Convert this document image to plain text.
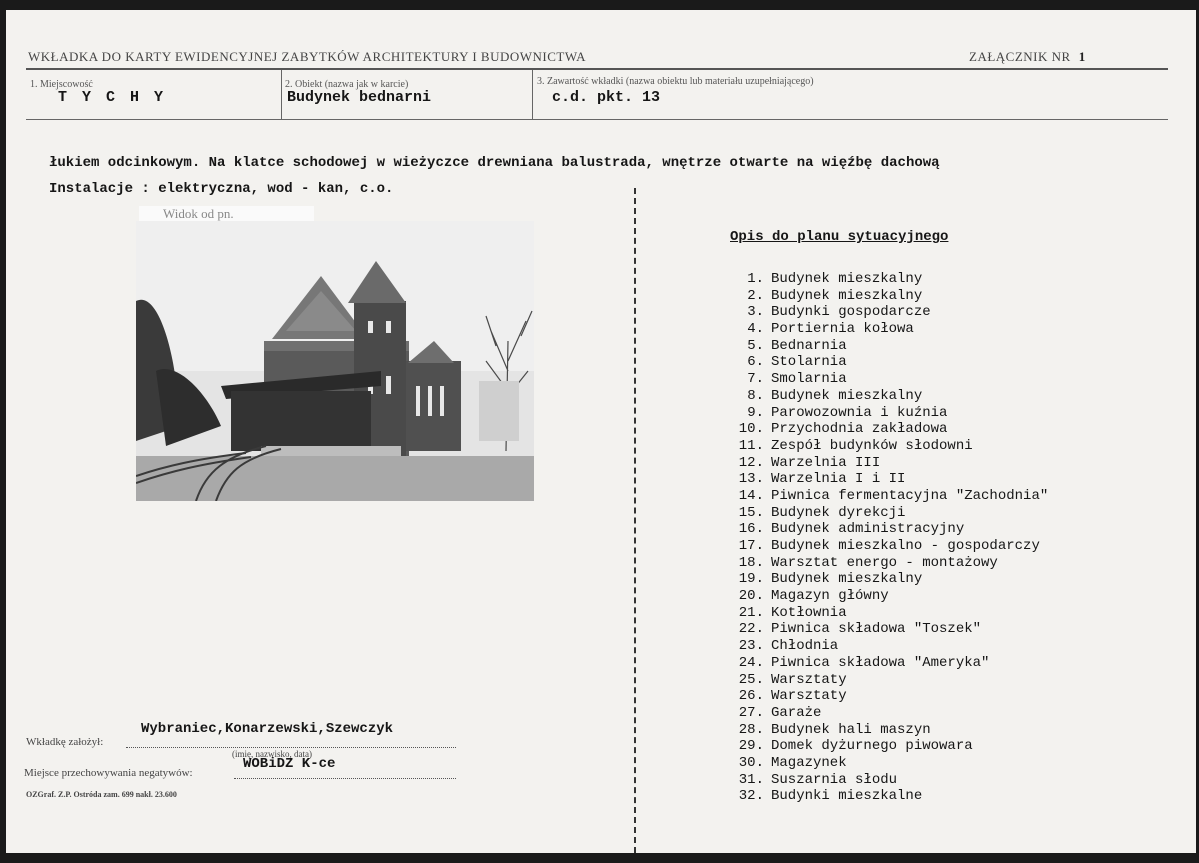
WKŁADKA DO KARTY EWIDENCYJNEJ ZABYTKÓW ARCHITEKTURY I BUDOWNICTWA	ZAŁĄCZNIK NR 1
1. Miejscowość
T Y C H Y
2. Obiekt (nazwa jak w karcie)
Budynek bednarni
3. Zawartość wkładki (nazwa obiektu lub materiału uzupełniającego)
c.d. pkt. 13
łukiem odcinkowym. Na klatce schodowej w wieżyczce drewniana balustrada, wnętrze otwarte na więźbę dachową
Instalacje : elektryczna, wod - kan, c.o.
Widok od pn.
Opis do planu sytuacyjnego
1. Budynek mieszkalny
2. Budynek mieszkalny
3. Budynki gospodarcze
4. Portiernia kołowa
5. Bednarnia
6. Stolarnia
7. Smolarnia
8. Budynek mieszkalny
9. Parowozownia i kuźnia
10. Przychodnia zakładowa
11. Zespół budynków słodowni
12. Warzelnia III
13. Warzelnia I i II
14. Piwnica fermentacyjna "Zachodnia"
15. Budynek dyrekcji
16. Budynek administracyjny
17. Budynek mieszkalno - gospodarczy
18. Warsztat energo - montażowy
19. Budynek mieszkalny
20. Magazyn główny
21. Kotłownia
22. Piwnica składowa "Toszek"
23. Chłodnia
24. Piwnica składowa "Ameryka"
25. Warsztaty
26. Warsztaty
27. Garaże
28. Budynek hali maszyn
29. Domek dyżurnego piwowara
30. Magazynek
31. Suszarnia słodu
32. Budynki mieszkalne
Wkładkę założył:
Wybraniec,Konarzewski,Szewczyk
(imię, nazwisko, data)
Miejsce przechowywania negatywów:
WOBiDZ K-ce
OZGraf. Z.P. Ostróda zam. 699 nakł. 23.600
